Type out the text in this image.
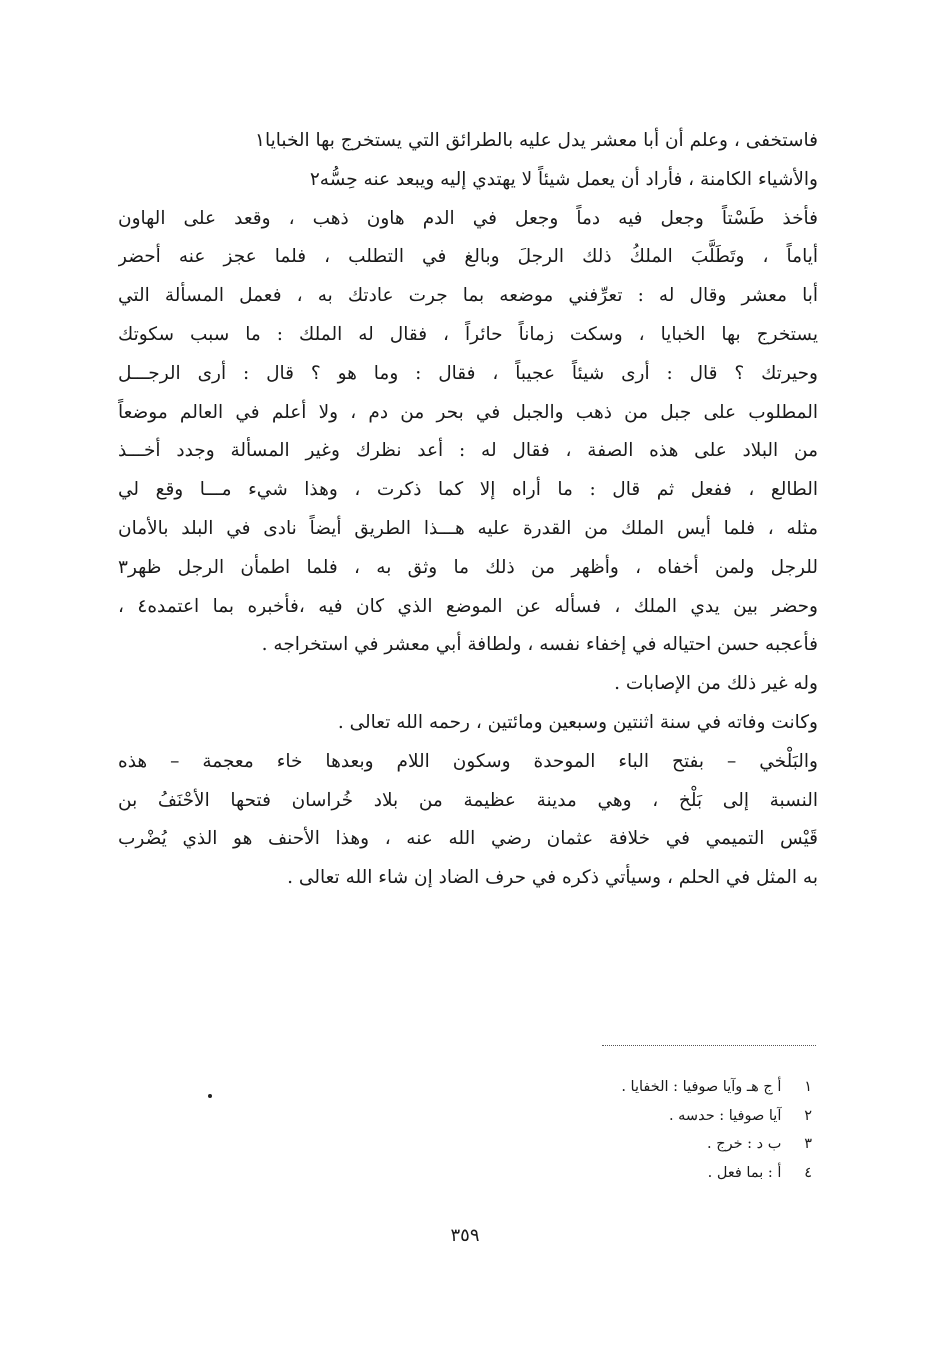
فاستخفى ، وعلم أن أبا معشر يدل عليه بالطرائق التي يستخرج بها الخبايا١
والأشياء الكامنة ، فأراد أن يعمل شيئاً لا يهتدي إليه ويبعد عنه حِسُّه٢
فأخذ طَسْتاً وجعل فيه دماً وجعل في الدم هاون ذهب ، وقعد على الهاون
أياماً ، وتَطَلَّبَ الملكُ ذلك الرجلَ وبالغ في التطلب ، فلما عجز عنه أحضر
أبا معشر وقال له : تعرِّفني موضعه بما جرت عادتك به ، فعمل المسألة التي
يستخرج بها الخبايا ، وسكت زماناً حائراً ، فقال له الملك : ما سبب سكوتك
وحيرتك ؟ قال : أرى شيئاً عجيباً ، فقال : وما هو ؟ قال : أرى الرجـــل
المطلوب على جبل من ذهب والجبل في بحر من دم ، ولا أعلم في العالم موضعاً
من البلاد على هذه الصفة ، فقال له : أعد نظرك وغير المسألة وجدد أخـــذ
الطالع ، ففعل ثم قال : ما أراه إلا كما ذكرت ، وهذا شيء مـــا وقع لي
مثله ، فلما أيس الملك من القدرة عليه هـــذا الطريق أيضاً نادى في البلد بالأمان
للرجل ولمن أخفاه ، وأظهر من ذلك ما وثق به ، فلما اطمأن الرجل ظهر٣
وحضر بين يدي الملك ، فسأله عن الموضع الذي كان فيه ،فأخبره بما اعتمده٤ ،
فأعجبه حسن احتياله في إخفاء نفسه ، ولطافة أبي معشر في استخراجه .
وله غير ذلك من الإصابات .
وكانت وفاته في سنة اثنتين وسبعين ومائتين ، رحمه الله تعالى .
والبَلْخي – بفتح الباء الموحدة وسكون اللام وبعدها خاء معجمة – هذه
النسبة إلى بَلْخ ، وهي مدينة عظيمة من بلاد خُراسان فتحها الأحْنَفُ بن
قَيْس التميمي في خلافة عثمان رضي الله عنه ، وهذا الأحنف هو الذي يُضْرب
به المثل في الحلم ، وسيأتي ذكره في حرف الضاد إن شاء الله تعالى .
١ أ ج هـ وآيا صوفيا : الخفايا .
٢ آيا صوفيا : حدسه .
٣ ب د : خرج .
٤ أ : بما فعل .
٣٥٩
